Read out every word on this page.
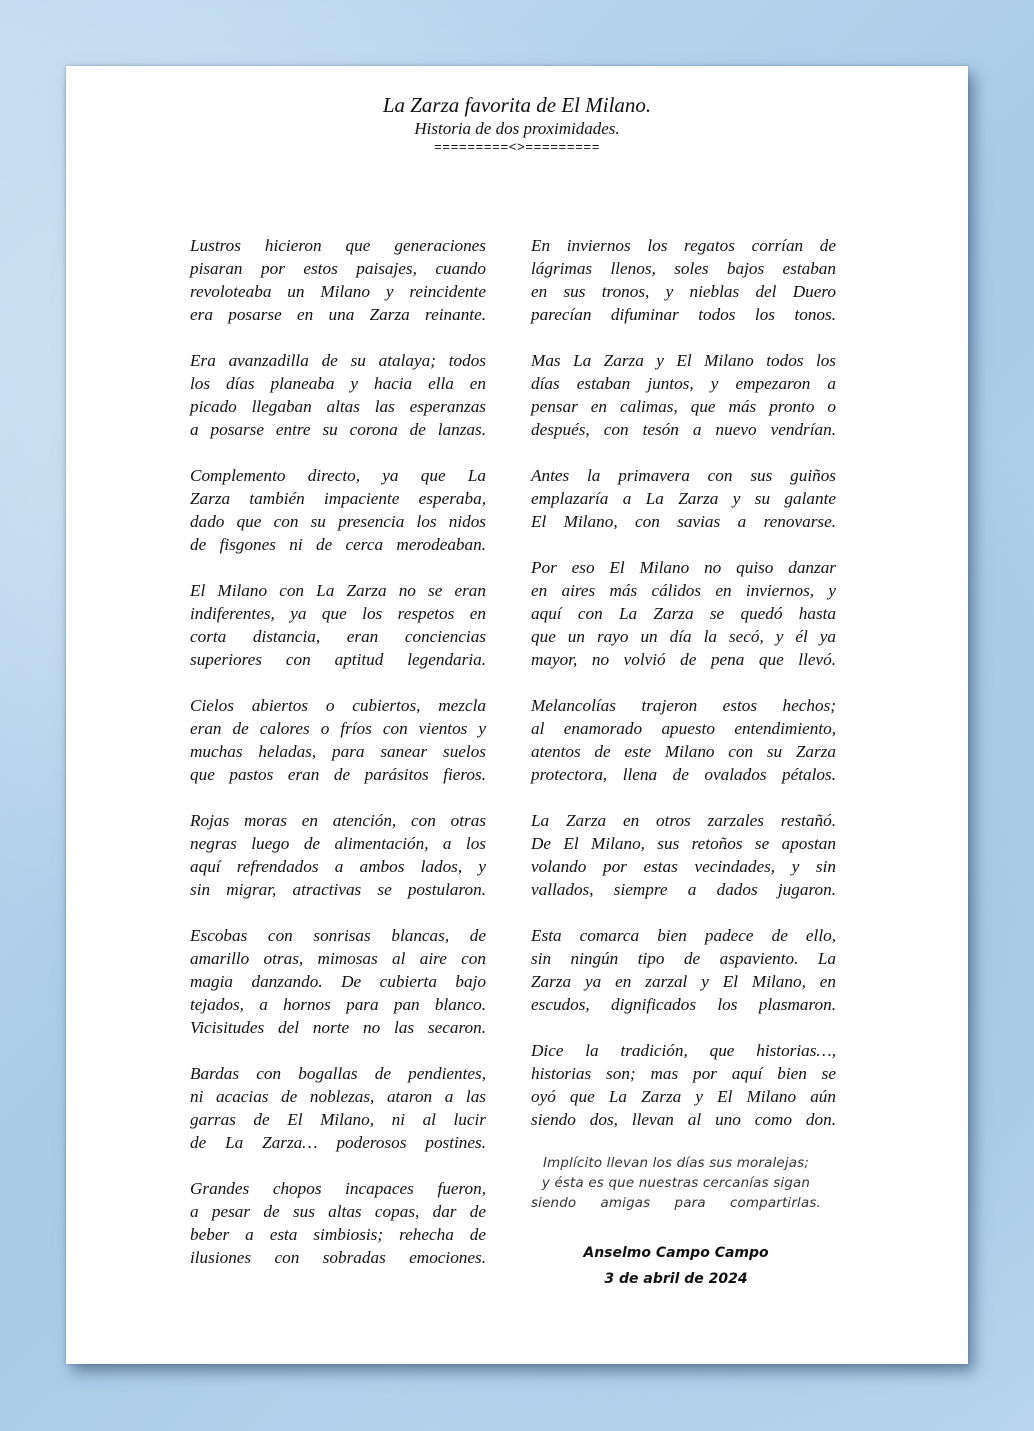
La Zarza favorita de El Milano.
Historia de dos proximidades.
=========<>=========
Lustros hicieron que generaciones
pisaran por estos paisajes, cuando
revoloteaba un Milano y reincidente
era posarse en una Zarza reinante.
Era avanzadilla de su atalaya; todos
los días planeaba y hacia ella en
picado llegaban altas las esperanzas
a posarse entre su corona de lanzas.
Complemento directo, ya que La
Zarza también impaciente esperaba,
dado que con su presencia los nidos
de fisgones ni de cerca merodeaban.
El Milano con La Zarza no se eran
indiferentes, ya que los respetos en
corta distancia, eran conciencias
superiores con aptitud legendaria.
Cielos abiertos o cubiertos, mezcla
eran de calores o fríos con vientos y
muchas heladas, para sanear suelos
que pastos eran de parásitos fieros.
Rojas moras en atención, con otras
negras luego de alimentación, a los
aquí refrendados a ambos lados, y
sin migrar, atractivas se postularon.
Escobas con sonrisas blancas, de
amarillo otras, mimosas al aire con
magia danzando. De cubierta bajo
tejados, a hornos para pan blanco.
Vicisitudes del norte no las secaron.
Bardas con bogallas de pendientes,
ni acacias de noblezas, ataron a las
garras de El Milano, ni al lucir
de La Zarza… poderosos postines.
Grandes chopos incapaces fueron,
a pesar de sus altas copas, dar de
beber a esta simbiosis; rehecha de
ilusiones con sobradas emociones.
En inviernos los regatos corrían de
lágrimas llenos, soles bajos estaban
en sus tronos, y nieblas del Duero
parecían difuminar todos los tonos.
Mas La Zarza y El Milano todos los
días estaban juntos, y empezaron a
pensar en calimas, que más pronto o
después, con tesón a nuevo vendrían.
Antes la primavera con sus guiños
emplazaría a La Zarza y su galante
El Milano, con savias a renovarse.
Por eso El Milano no quiso danzar
en aires más cálidos en inviernos, y
aquí con La Zarza se quedó hasta
que un rayo un día la secó, y él ya
mayor, no volvió de pena que llevó.
Melancolías trajeron estos hechos;
al enamorado apuesto entendimiento,
atentos de este Milano con su Zarza
protectora, llena de ovalados pétalos.
La Zarza en otros zarzales restañó.
De El Milano, sus retoños se apostan
volando por estas vecindades, y sin
vallados, siempre a dados jugaron.
Esta comarca bien padece de ello,
sin ningún tipo de aspaviento. La
Zarza ya en zarzal y El Milano, en
escudos, dignificados los plasmaron.
Dice la tradición, que historias…,
historias son; mas por aquí bien se
oyó que La Zarza y El Milano aún
siendo dos, llevan al uno como don.
Implícito llevan los días sus moralejas;
y ésta es que nuestras cercanías sigan
siendo amigas para compartirlas.
Anselmo Campo Campo
3 de abril de 2024
